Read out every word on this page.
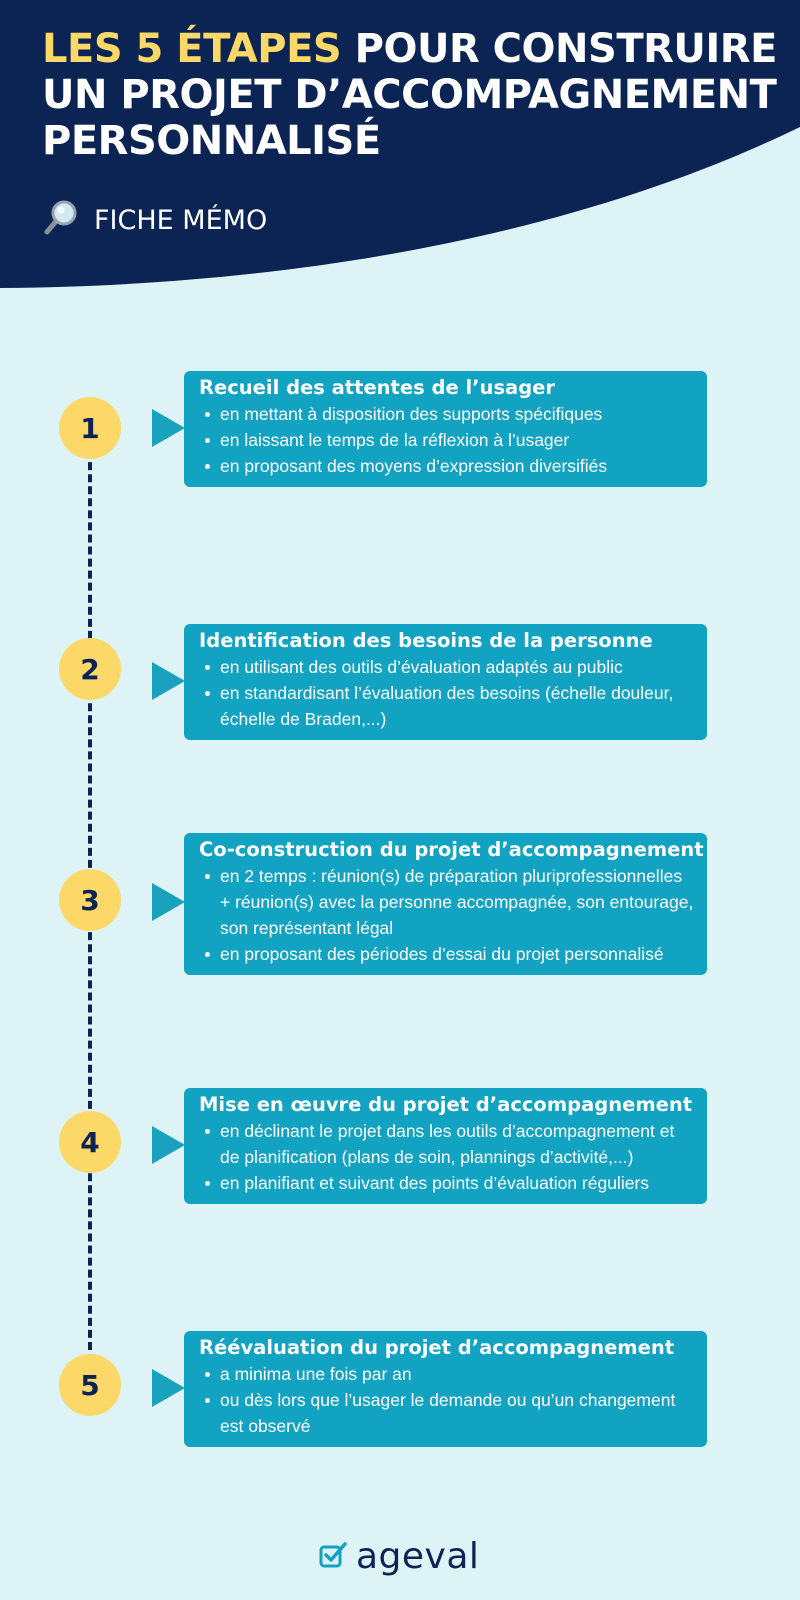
LES 5 ÉTAPES POUR CONSTRUIRE UN PROJET D’ACCOMPAGNEMENT PERSONNALISÉ
FICHE MÉMO
1
Recueil des attentes de l’usager
en mettant à disposition des supports spécifiques
en laissant le temps de la réflexion à l’usager
en proposant des moyens d’expression diversifiés
2
Identification des besoins de la personne
en utilisant des outils d’évaluation adaptés au public
en standardisant l’évaluation des besoins (échelle douleur, échelle de Braden,...)
3
Co-construction du projet d’accompagnement
en 2 temps : réunion(s) de préparation pluriprofessionnelles + réunion(s) avec la personne accompagnée, son entourage, son représentant légal
en proposant des périodes d’essai du projet personnalisé
4
Mise en œuvre du projet d’accompagnement
en déclinant le projet dans les outils d’accompagnement et de planification (plans de soin, plannings d’activité,...)
en planifiant et suivant des points d’évaluation réguliers
5
Réévaluation du projet d’accompagnement
a minima une fois par an
ou dès lors que l’usager le demande ou qu’un changement est observé
ageval
